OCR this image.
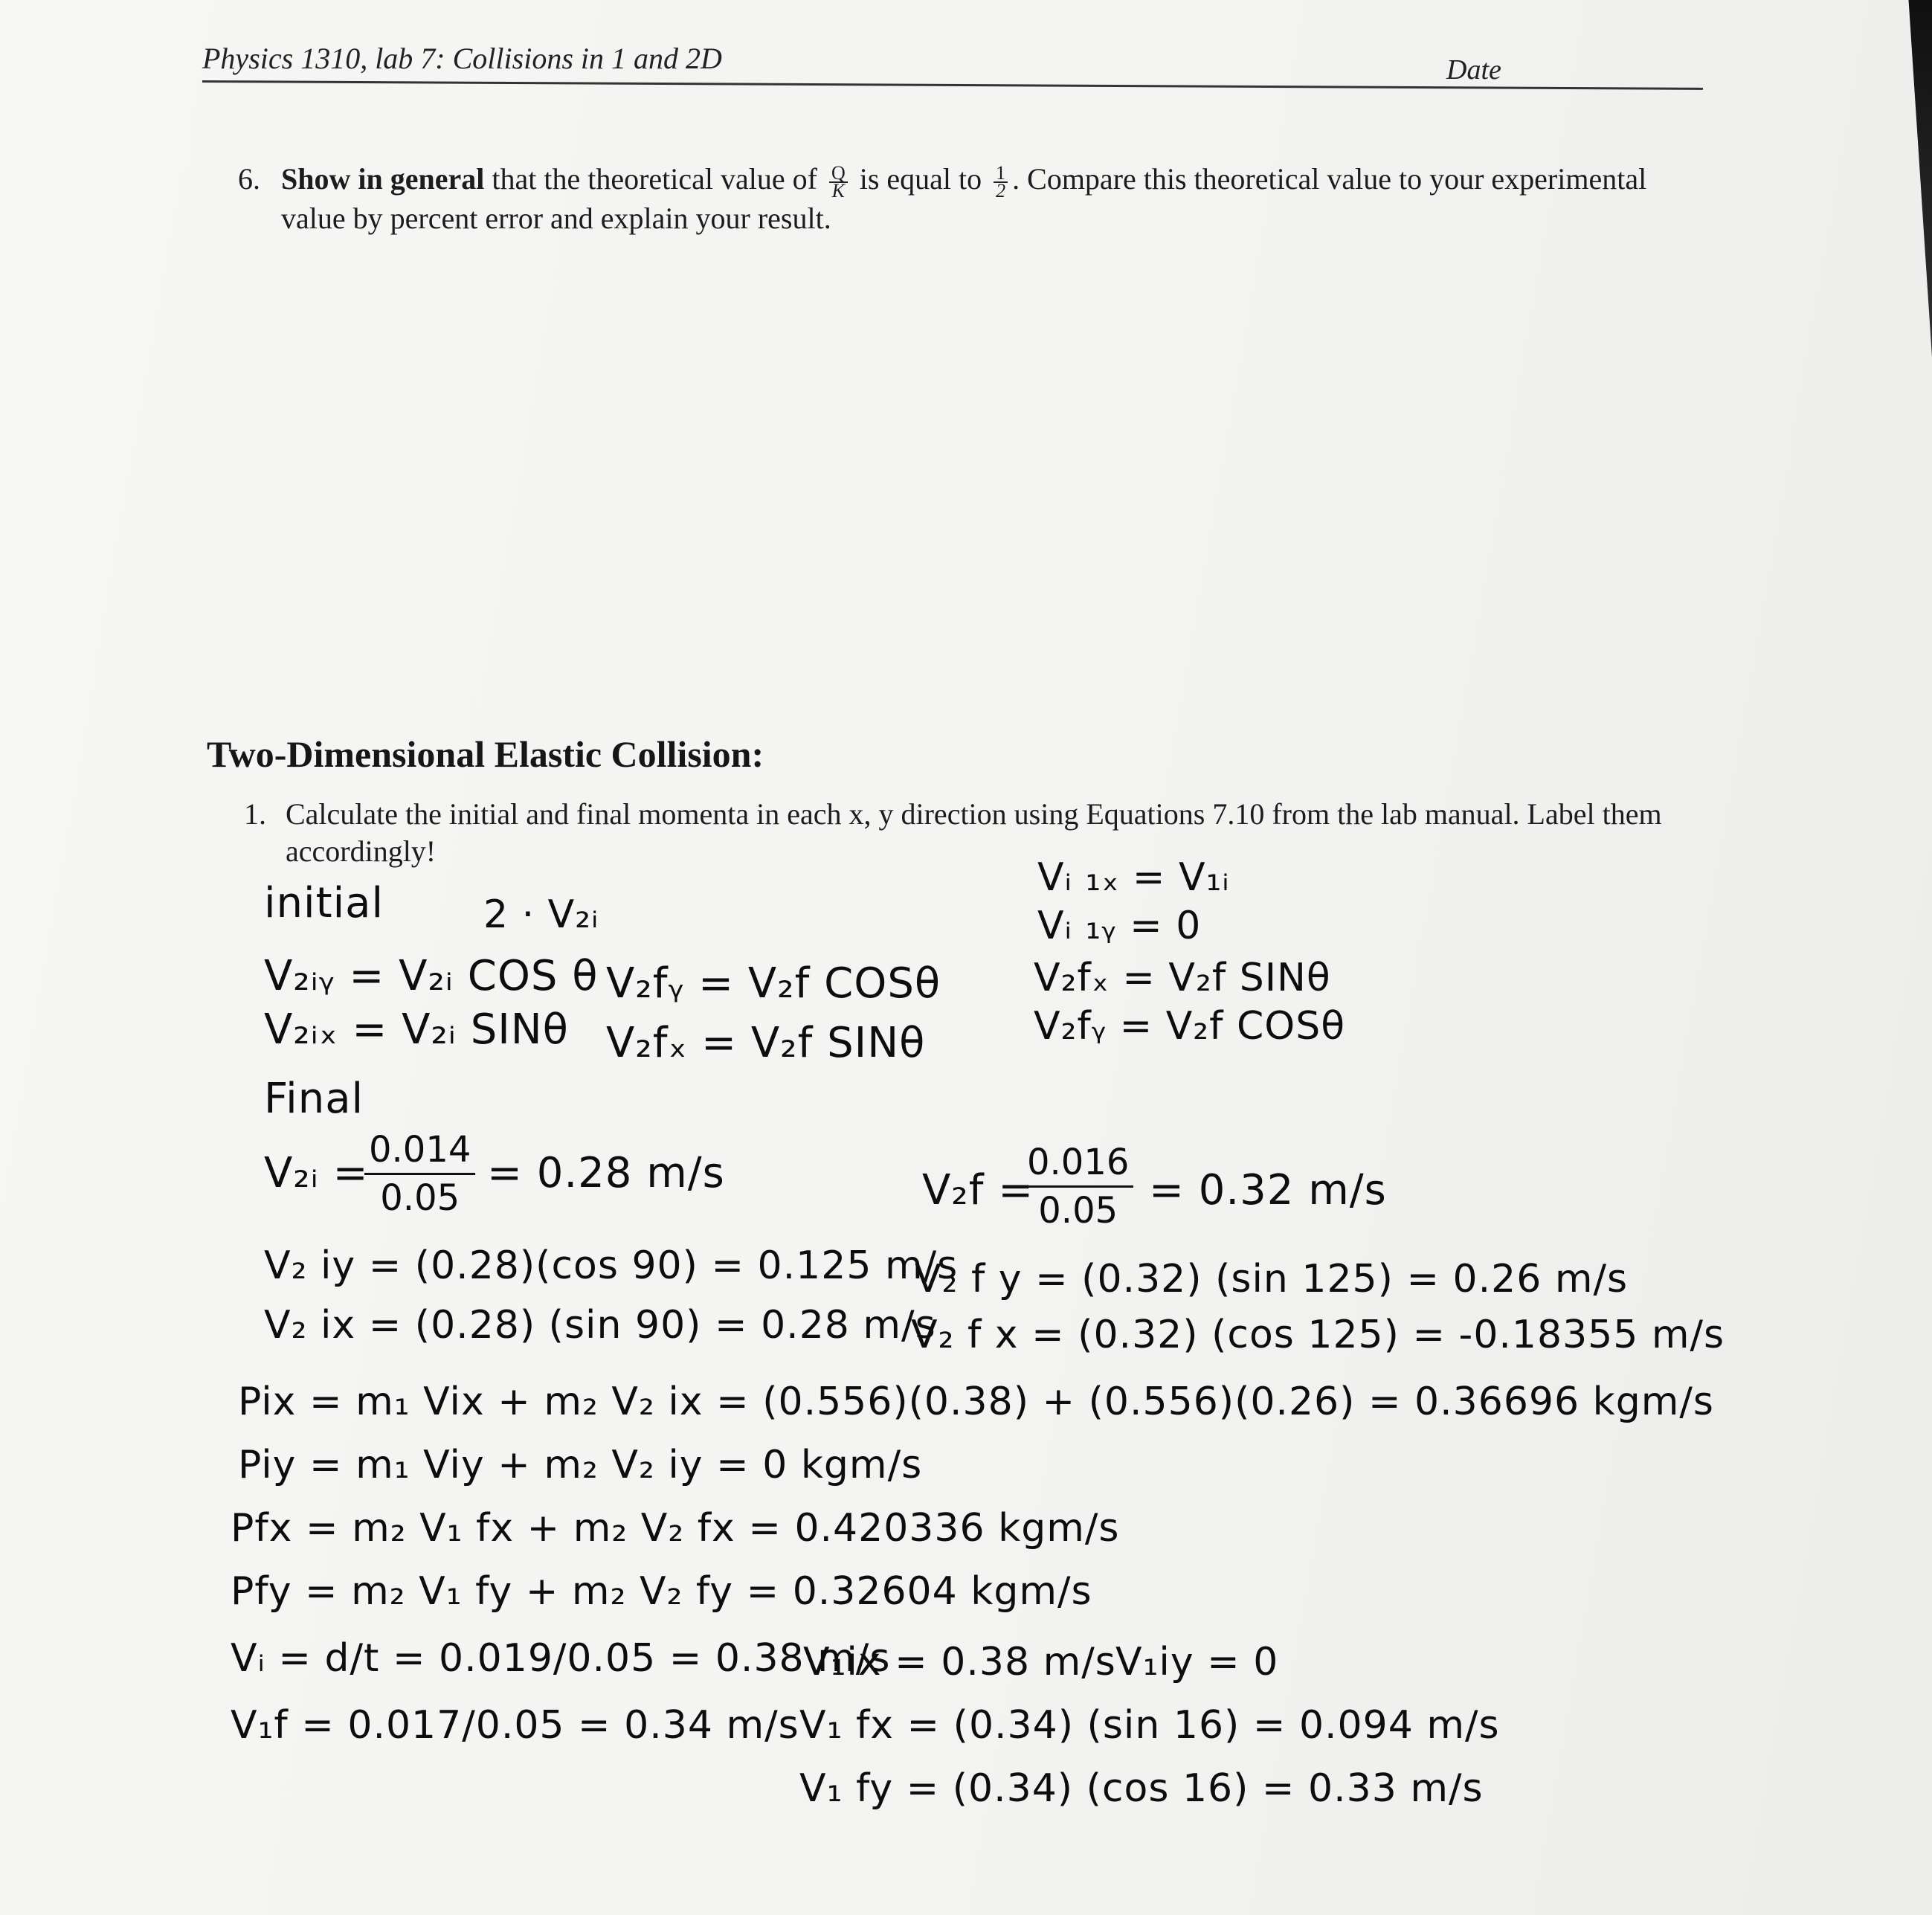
Physics 1310, lab 7: Collisions in 1 and 2D	Date
6. Show in general that the theoretical value of $\frac{Q}{K}$ is equal to $\frac{1}{2}$ . Compare this theoretical value to your experimental value by percent error and explain your result.
Two-Dimensional Elastic Collision:
1. Calculate the initial and final momenta in each x, y direction using Equations 7.10 from the lab manual. Label them accordingly!
initial	2 · V₂ᵢ
Vᵢ ₁ₓ = V₁ᵢ
Vᵢ ₁ᵧ = 0
V₂ᵢᵧ = V₂ᵢ COS θ V₂fᵧ = V₂f COSθ V₂fₓ = V₂f SINθ
V₂ᵢₓ = V₂ᵢ SINθ V₂fₓ = V₂f SINθ	V₂fᵧ = V₂f COSθ
Final
V₂ᵢ =
$\frac{0.014}{0.05} = 0.28$ m/s	V₂f =
$\frac{0.016}{0.05} = 0.32$ m/s
V₂ iy = (0.28)(cos 90) = 0.125 m/s
V₂ f y = (0.32) (sin 125) = 0.26 m/s
V₂ ix = (0.28) (sin 90) = 0.28 m/s
V₂ f x = (0.32) (cos 125) = -0.18355 m/s
Pix = m₁ Vix + m₂ V₂ ix = (0.556)(0.38) + (0.556)(0.26) = 0.36696 kgm/s
Piy = m₁ Viy + m₂ V₂ iy = 0 kgm/s
Pfx = m₂ V₁ fx + m₂ V₂ fx = 0.420336 kgm/s
Pfy = m₂ V₁ fy + m₂ V₂ fy = 0.32604 kgm/s
Vᵢ = d/t = 0.019/0.05 = 0.38 m/s
V₁ix = 0.38 m/s V₁iy = 0
V₁f = 0.017/0.05 = 0.34 m/s V₁ fx = (0.34) (sin 16) = 0.094 m/s
V₁ fy = (0.34) (cos 16) = 0.33 m/s
